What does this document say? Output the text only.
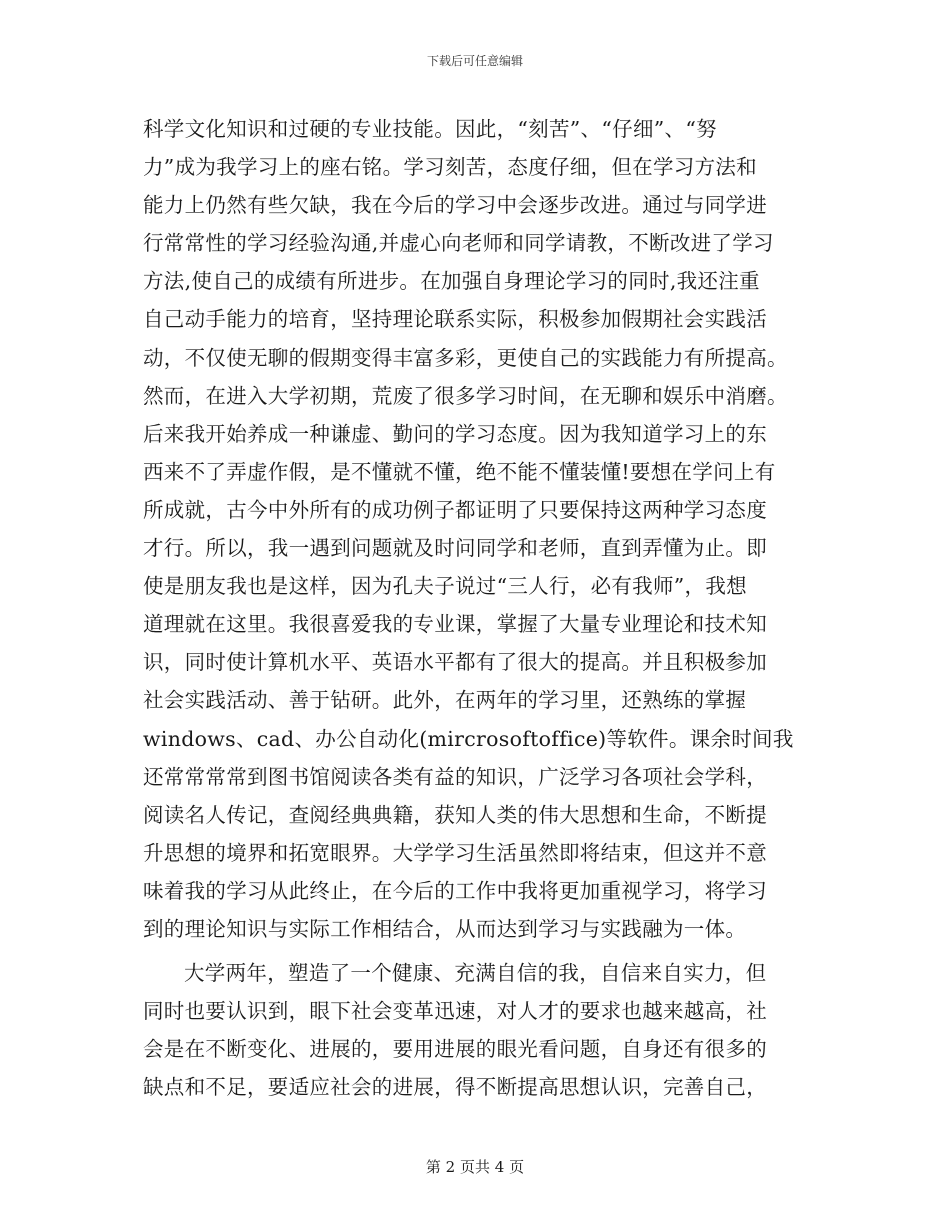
下载后可任意编辑
科学文化知识和过硬的专业技能。因此，“刻苦”、“仔细”、“努
力”成为我学习上的座右铭。学习刻苦，态度仔细，但在学习方法和
能力上仍然有些欠缺，我在今后的学习中会逐步改进。通过与同学进
行常常性的学习经验沟通,并虚心向老师和同学请教，不断改进了学习
方法,使自己的成绩有所进步。在加强自身理论学习的同时,我还注重
自己动手能力的培育，坚持理论联系实际，积极参加假期社会实践活
动，不仅使无聊的假期变得丰富多彩，更使自己的实践能力有所提高。
然而，在进入大学初期，荒废了很多学习时间，在无聊和娱乐中消磨。
后来我开始养成一种谦虚、勤问的学习态度。因为我知道学习上的东
西来不了弄虚作假，是不懂就不懂，绝不能不懂装懂!要想在学问上有
所成就，古今中外所有的成功例子都证明了只要保持这两种学习态度
才行。所以，我一遇到问题就及时问同学和老师，直到弄懂为止。即
使是朋友我也是这样，因为孔夫子说过“三人行，必有我师”，我想
道理就在这里。我很喜爱我的专业课，掌握了大量专业理论和技术知
识，同时使计算机水平、英语水平都有了很大的提高。并且积极参加
社会实践活动、善于钻研。此外，在两年的学习里，还熟练的掌握
windows、cad、办公自动化(mircrosoftoffice)等软件。课余时间我
还常常常常到图书馆阅读各类有益的知识，广泛学习各项社会学科，
阅读名人传记，查阅经典典籍，获知人类的伟大思想和生命，不断提
升思想的境界和拓宽眼界。大学学习生活虽然即将结束，但这并不意
味着我的学习从此终止，在今后的工作中我将更加重视学习，将学习
到的理论知识与实际工作相结合，从而达到学习与实践融为一体。
大学两年，塑造了一个健康、充满自信的我，自信来自实力，但
同时也要认识到，眼下社会变革迅速，对人才的要求也越来越高，社
会是在不断变化、进展的，要用进展的眼光看问题，自身还有很多的
缺点和不足，要适应社会的进展，得不断提高思想认识，完善自己，
第 2 页共 4 页
